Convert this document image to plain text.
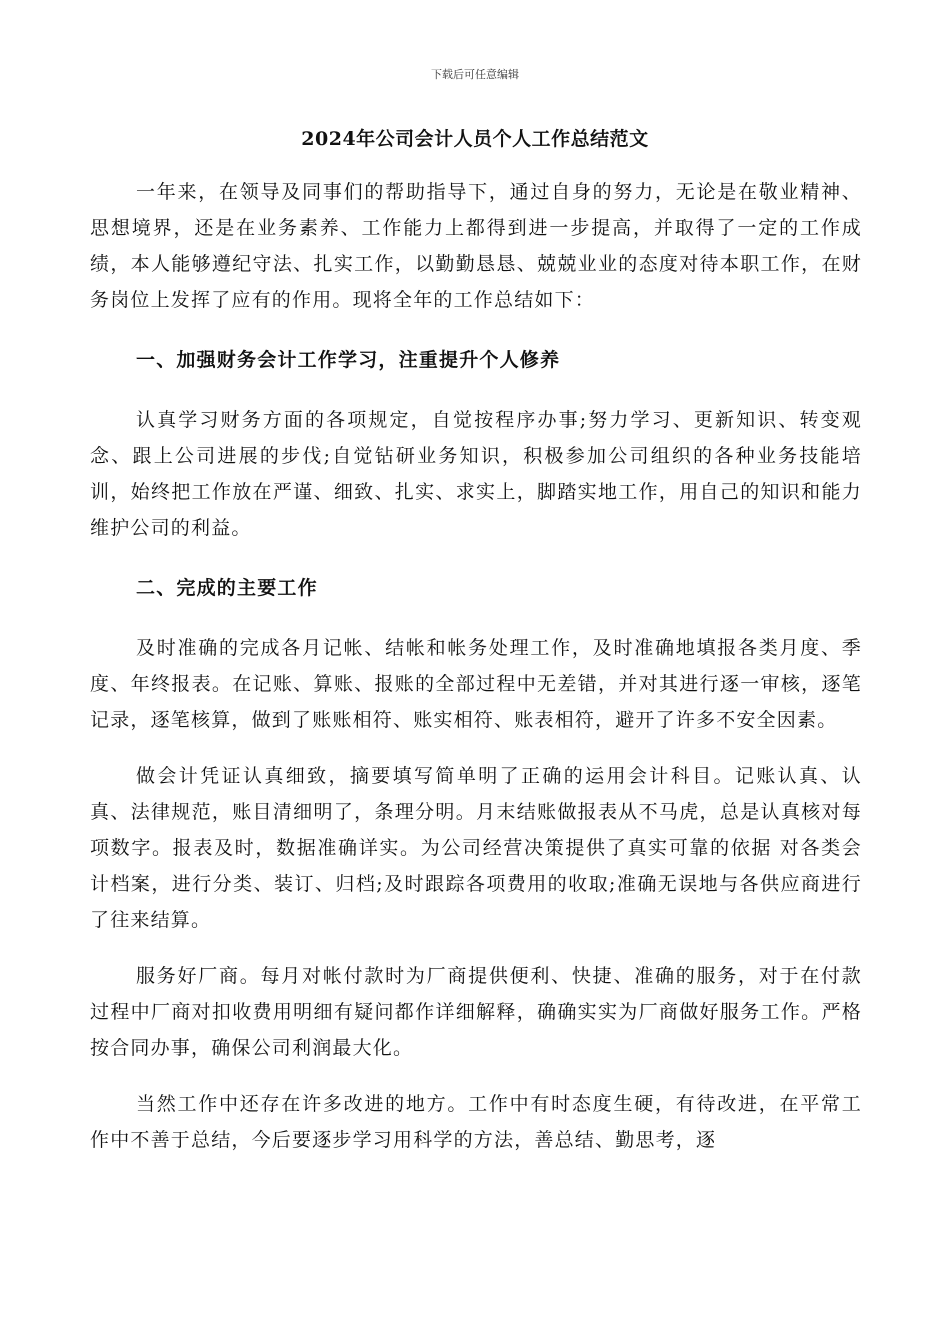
下载后可任意编辑
2024年公司会计人员个人工作总结范文

一年来，在领导及同事们的帮助指导下，通过自身的努力，无论是在敬业精神、思想境界，还是在业务素养、工作能力上都得到进一步提高，并取得了一定的工作成绩，本人能够遵纪守法、扎实工作，以勤勤恳恳、兢兢业业的态度对待本职工作，在财务岗位上发挥了应有的作用。现将全年的工作总结如下：

一、加强财务会计工作学习，注重提升个人修养

认真学习财务方面的各项规定，自觉按程序办事;努力学习、更新知识、转变观念、跟上公司进展的步伐;自觉钻研业务知识，积极参加公司组织的各种业务技能培训，始终把工作放在严谨、细致、扎实、求实上，脚踏实地工作，用自己的知识和能力维护公司的利益。

二、完成的主要工作

及时准确的完成各月记帐、结帐和帐务处理工作，及时准确地填报各类月度、季度、年终报表。在记账、算账、报账的全部过程中无差错，并对其进行逐一审核，逐笔记录，逐笔核算，做到了账账相符、账实相符、账表相符，避开了许多不安全因素。

做会计凭证认真细致，摘要填写简单明了正确的运用会计科目。记账认真、认真、法律规范，账目清细明了，条理分明。月末结账做报表从不马虎，总是认真核对每项数字。报表及时，数据准确详实。为公司经营决策提供了真实可靠的依据 对各类会计档案，进行分类、装订、归档;及时跟踪各项费用的收取;准确无误地与各供应商进行了往来结算。

服务好厂商。每月对帐付款时为厂商提供便利、快捷、准确的服务，对于在付款过程中厂商对扣收费用明细有疑问都作详细解释，确确实实为厂商做好服务工作。严格按合同办事，确保公司利润最大化。

当然工作中还存在许多改进的地方。工作中有时态度生硬，有待改进，在平常工作中不善于总结，今后要逐步学习用科学的方法，善总结、勤思考，逐
